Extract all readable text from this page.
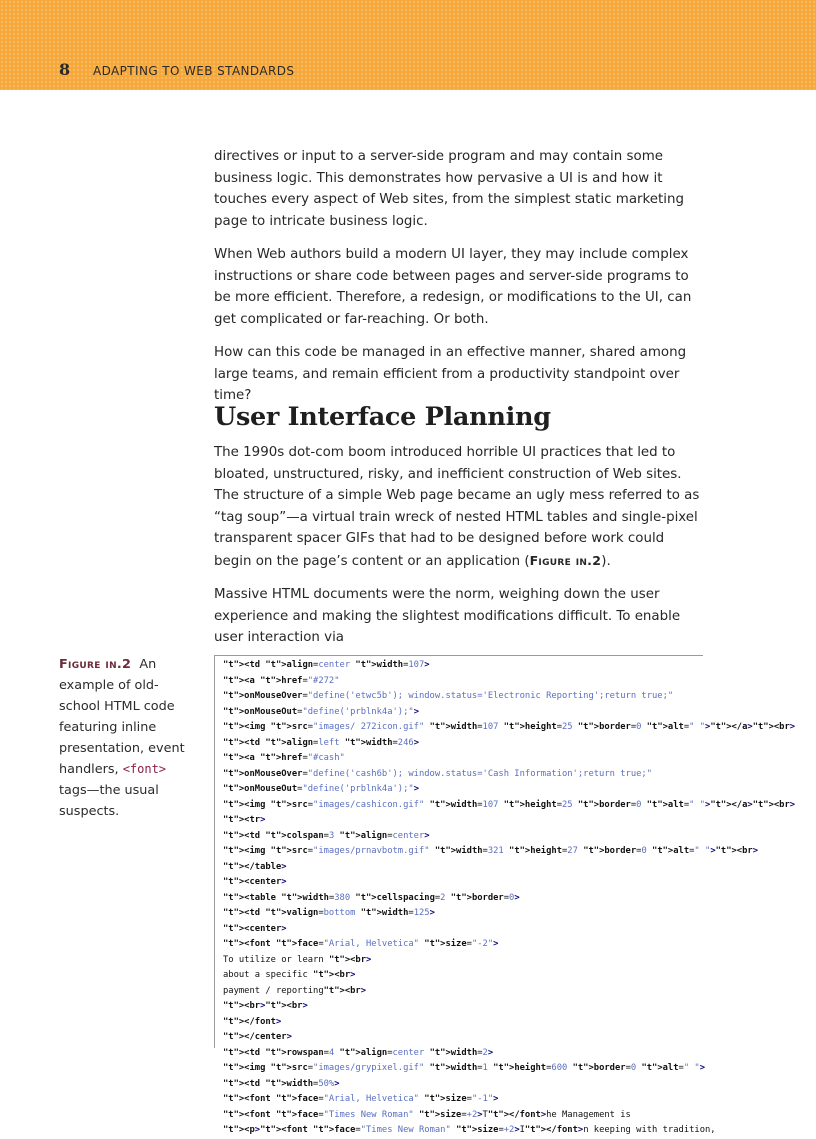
8 ADAPTING TO WEB STANDARDS

directives or input to a server-side program and may contain some business logic. This demonstrates how pervasive a UI is and how it touches every aspect of Web sites, from the simplest static marketing page to intricate business logic.

When Web authors build a modern UI layer, they may include complex instructions or share code between pages and server-side programs to be more efficient. Therefore, a redesign, or modifications to the UI, can get complicated or far-reaching. Or both.

How can this code be managed in an effective manner, shared among large teams, and remain efficient from a productivity standpoint over time?

User Interface Planning

The 1990s dot-com boom introduced horrible UI practices that led to bloated, unstructured, risky, and inefficient construction of Web sites. The structure of a simple Web page became an ugly mess referred to as “tag soup”—a virtual train wreck of nested HTML tables and single-pixel transparent spacer GIFs that had to be designed before work could begin on the page’s content or an application (Figure in.2).

Massive HTML documents were the norm, weighing down the user experience and making the slightest modifications difficult. To enable user interaction via

Figure in.2 An example of old-school HTML code featuring inline presentation, event handlers, <font> tags—the usual suspects.
"t"><td "t">align=center "t">width=107>
"t"><a "t">href="#272"
"t">onMouseOver="define('etwc5b'); window.status='Electronic Reporting';return true;"
"t">onMouseOut="define('prblnk4a');">
"t"><img "t">src="images/ 272icon.gif" "t">width=107 "t">height=25 "t">border=0 "t">alt=" ">"t"></a>"t"><br>
"t"><td "t">align=left "t">width=246>
"t"><a "t">href="#cash"
"t">onMouseOver="define('cash6b'); window.status='Cash Information';return true;"
"t">onMouseOut="define('prblnk4a');">
"t"><img "t">src="images/cashicon.gif" "t">width=107 "t">height=25 "t">border=0 "t">alt=" ">"t"></a>"t"><br>
"t"><tr>
"t"><td "t">colspan=3 "t">align=center>
"t"><img "t">src="images/prnavbotm.gif" "t">width=321 "t">height=27 "t">border=0 "t">alt=" ">"t"><br>
"t"></table>
"t"><center>
"t"><table "t">width=380 "t">cellspacing=2 "t">border=0>
"t"><td "t">valign=bottom "t">width=125>
"t"><center>
"t"><font "t">face="Arial, Helvetica" "t">size="-2">
To utilize or learn "t"><br>
about a specific "t"><br>
payment / reporting"t"><br>
"t"><br>"t"><br>
"t"></font>
"t"></center>
"t"><td "t">rowspan=4 "t">align=center "t">width=2>
"t"><img "t">src="images/grypixel.gif" "t">width=1 "t">height=600 "t">border=0 "t">alt=" ">
"t"><td "t">width=50%>
"t"><font "t">face="Arial, Helvetica" "t">size="-1">
"t"><font "t">face="Times New Roman" "t">size=+2>T"t"></font>he Management is
"t"><p>"t"><font "t">face="Times New Roman" "t">size=+2>I"t"></font>n keeping with tradition,
